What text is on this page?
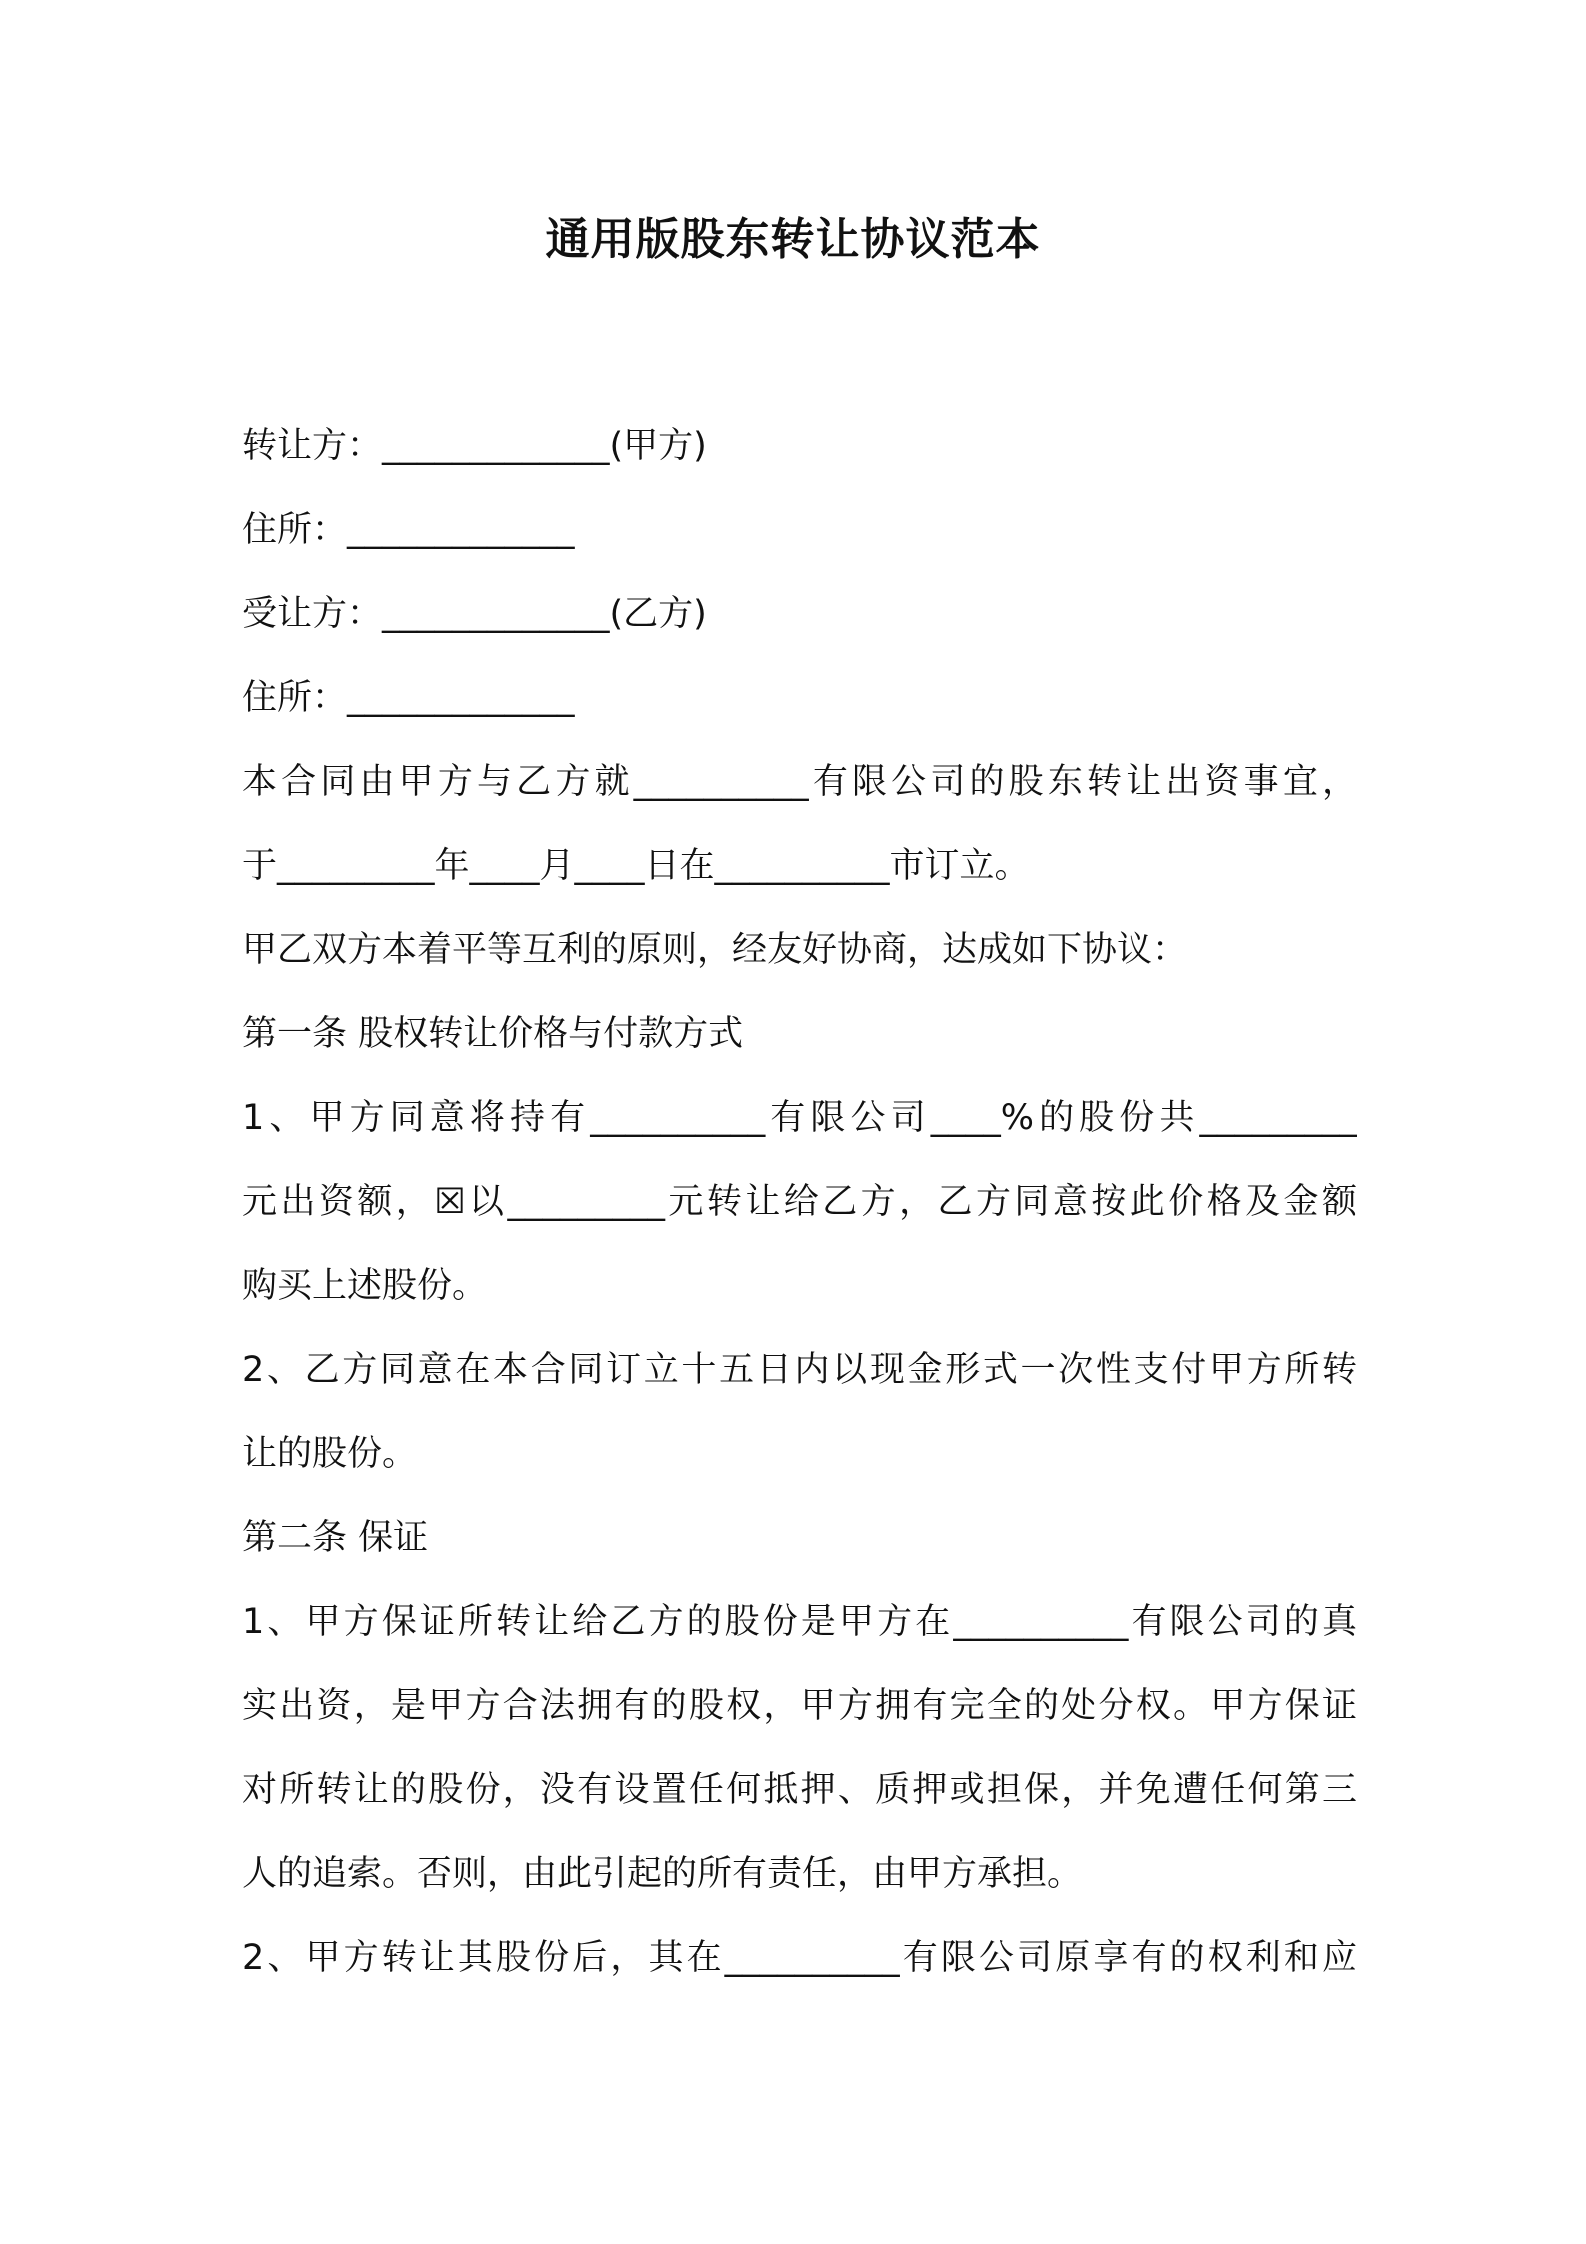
通用版股东转让协议范本
转让方：_____________(甲方)
住所：_____________
受让方：_____________(乙方)
住所：_____________
本合同由甲方与乙方就__________有限公司的股东转让出资事宜，
于_________年____月____日在__________市订立。
甲乙双方本着平等互利的原则，经友好协商，达成如下协议：
第一条 股权转让价格与付款方式
1、甲方同意将持有__________有限公司____%的股份共_________
元出资额，☒以_________元转让给乙方，乙方同意按此价格及金额
购买上述股份。
2、乙方同意在本合同订立十五日内以现金形式一次性支付甲方所转
让的股份。
第二条 保证
1、甲方保证所转让给乙方的股份是甲方在__________有限公司的真
实出资，是甲方合法拥有的股权，甲方拥有完全的处分权。甲方保证
对所转让的股份，没有设置任何抵押、质押或担保，并免遭任何第三
人的追索。否则，由此引起的所有责任，由甲方承担。
2、甲方转让其股份后，其在__________有限公司原享有的权利和应
